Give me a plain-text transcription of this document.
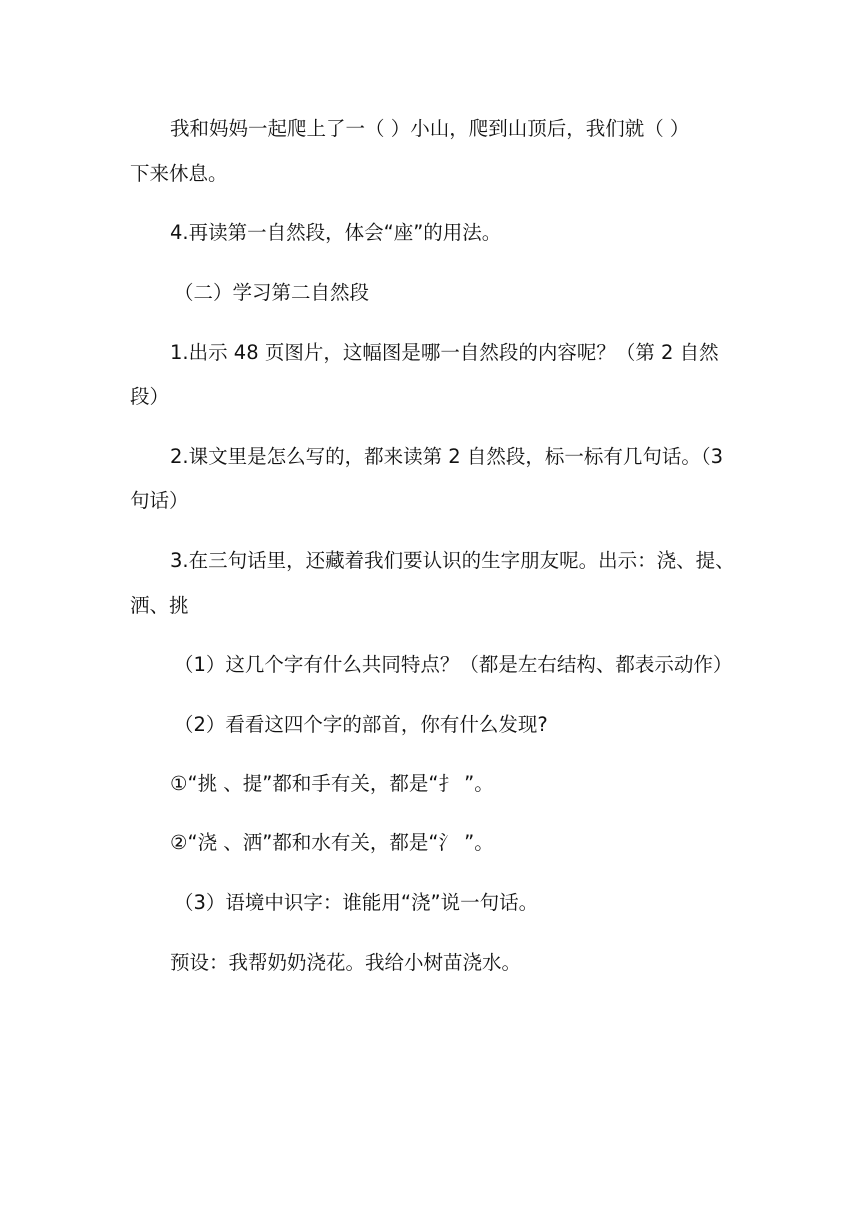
我和妈妈一起爬上了一（ ）小山，爬到山顶后，我们就（ ）
下来休息。
4.再读第一自然段，体会“座”的用法。
（二）学习第二自然段
1.出示 48 页图片，这幅图是哪一自然段的内容呢？（第 2 自然
段）
2.课文里是怎么写的，都来读第 2 自然段，标一标有几句话。（3
句话）
3.在三句话里，还藏着我们要认识的生字朋友呢。出示：浇、提、
洒、挑
（1）这几个字有什么共同特点？（都是左右结构、都表示动作）
（2）看看这四个字的部首，你有什么发现?
①“挑 、提”都和手有关，都是“扌 ”。
②“浇 、洒”都和水有关，都是“氵 ”。
（3）语境中识字：谁能用“浇”说一句话。
预设：我帮奶奶浇花。我给小树苗浇水。
